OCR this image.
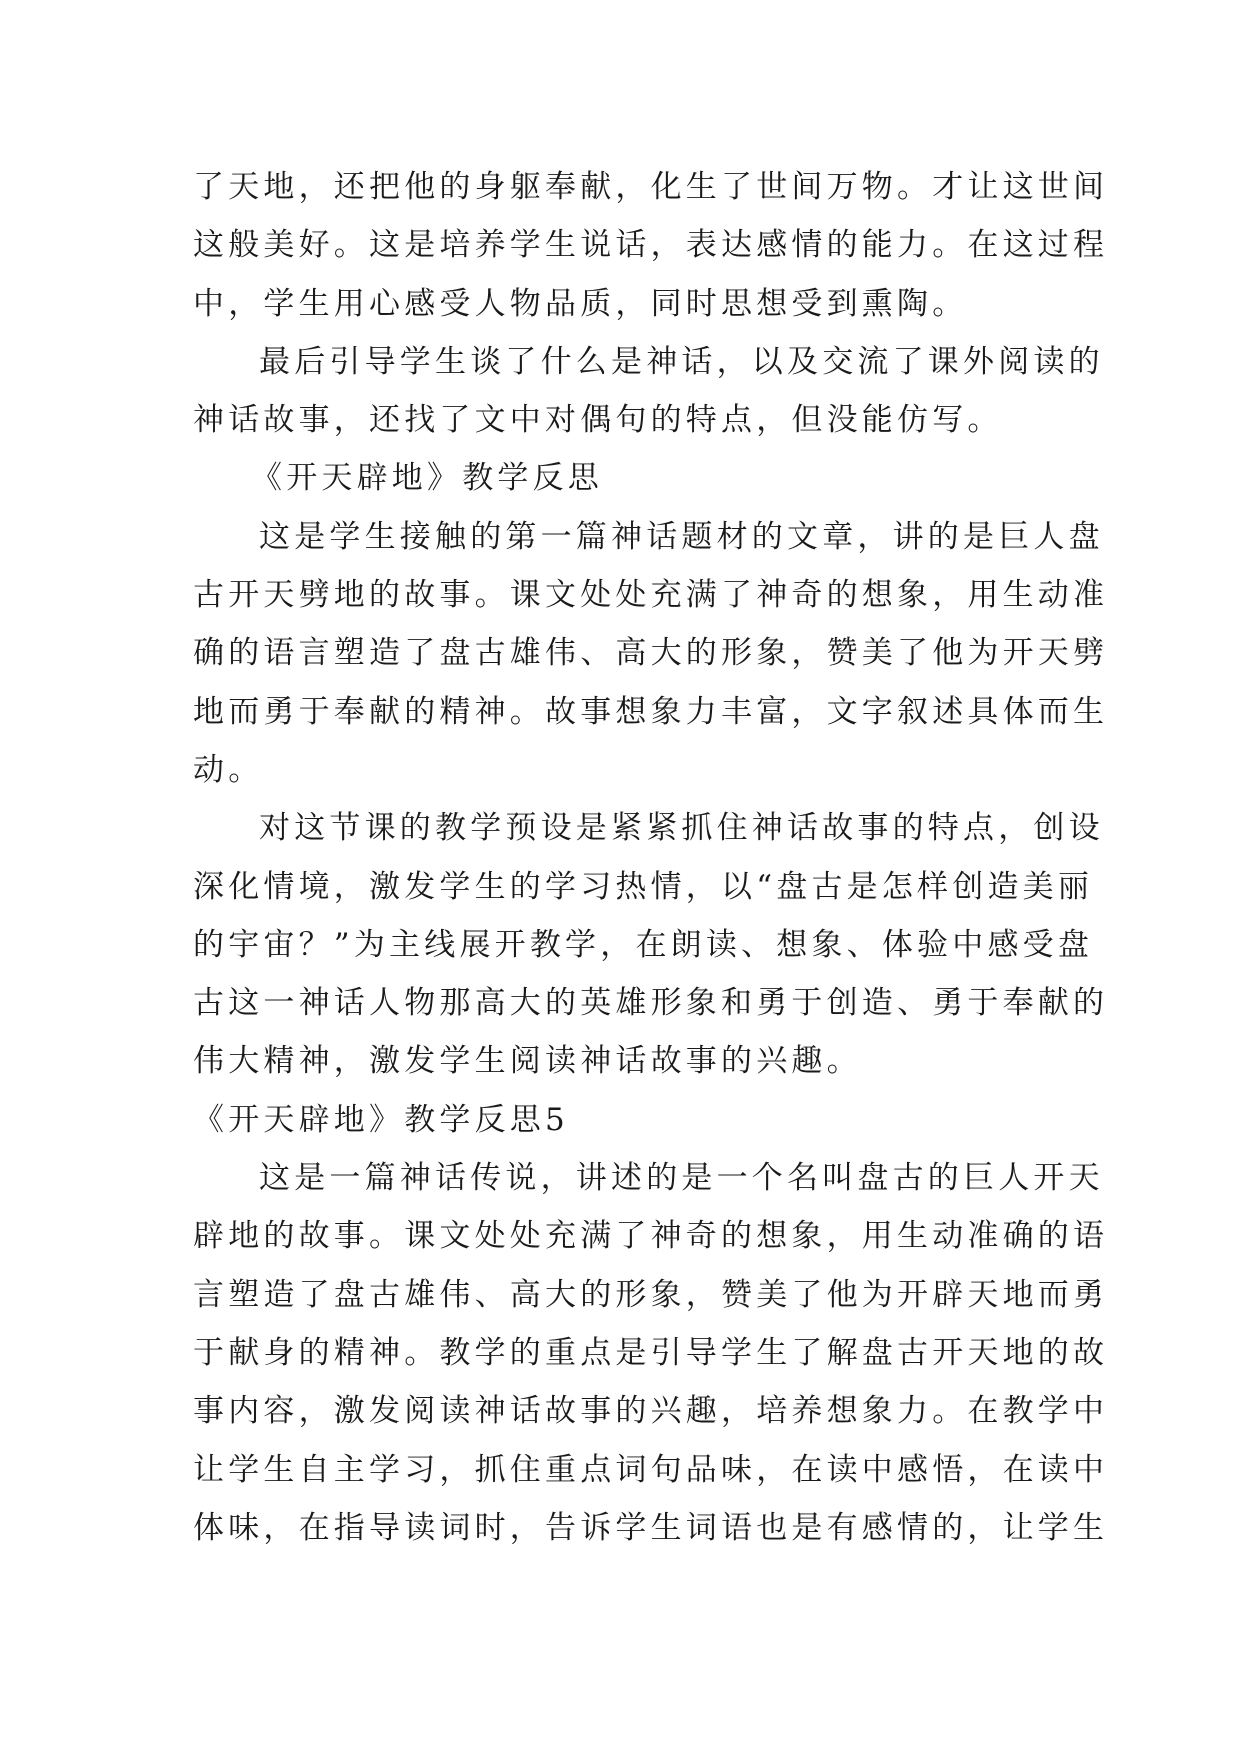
了天地，还把他的身躯奉献，化生了世间万物。才让这世间
这般美好。这是培养学生说话，表达感情的能力。在这过程
中，学生用心感受人物品质，同时思想受到熏陶。
最后引导学生谈了什么是神话，以及交流了课外阅读的
神话故事，还找了文中对偶句的特点，但没能仿写。
《开天辟地》教学反思
这是学生接触的第一篇神话题材的文章，讲的是巨人盘
古开天劈地的故事。课文处处充满了神奇的想象，用生动准
确的语言塑造了盘古雄伟、高大的形象，赞美了他为开天劈
地而勇于奉献的精神。故事想象力丰富，文字叙述具体而生
动。
对这节课的教学预设是紧紧抓住神话故事的特点，创设
深化情境，激发学生的学习热情，以“盘古是怎样创造美丽
的宇宙？”为主线展开教学，在朗读、想象、体验中感受盘
古这一神话人物那高大的英雄形象和勇于创造、勇于奉献的
伟大精神，激发学生阅读神话故事的兴趣。
《开天辟地》教学反思5
这是一篇神话传说，讲述的是一个名叫盘古的巨人开天
辟地的故事。课文处处充满了神奇的想象，用生动准确的语
言塑造了盘古雄伟、高大的形象，赞美了他为开辟天地而勇
于献身的精神。教学的重点是引导学生了解盘古开天地的故
事内容，激发阅读神话故事的兴趣，培养想象力。在教学中
让学生自主学习，抓住重点词句品味，在读中感悟，在读中
体味，在指导读词时，告诉学生词语也是有感情的，让学生
